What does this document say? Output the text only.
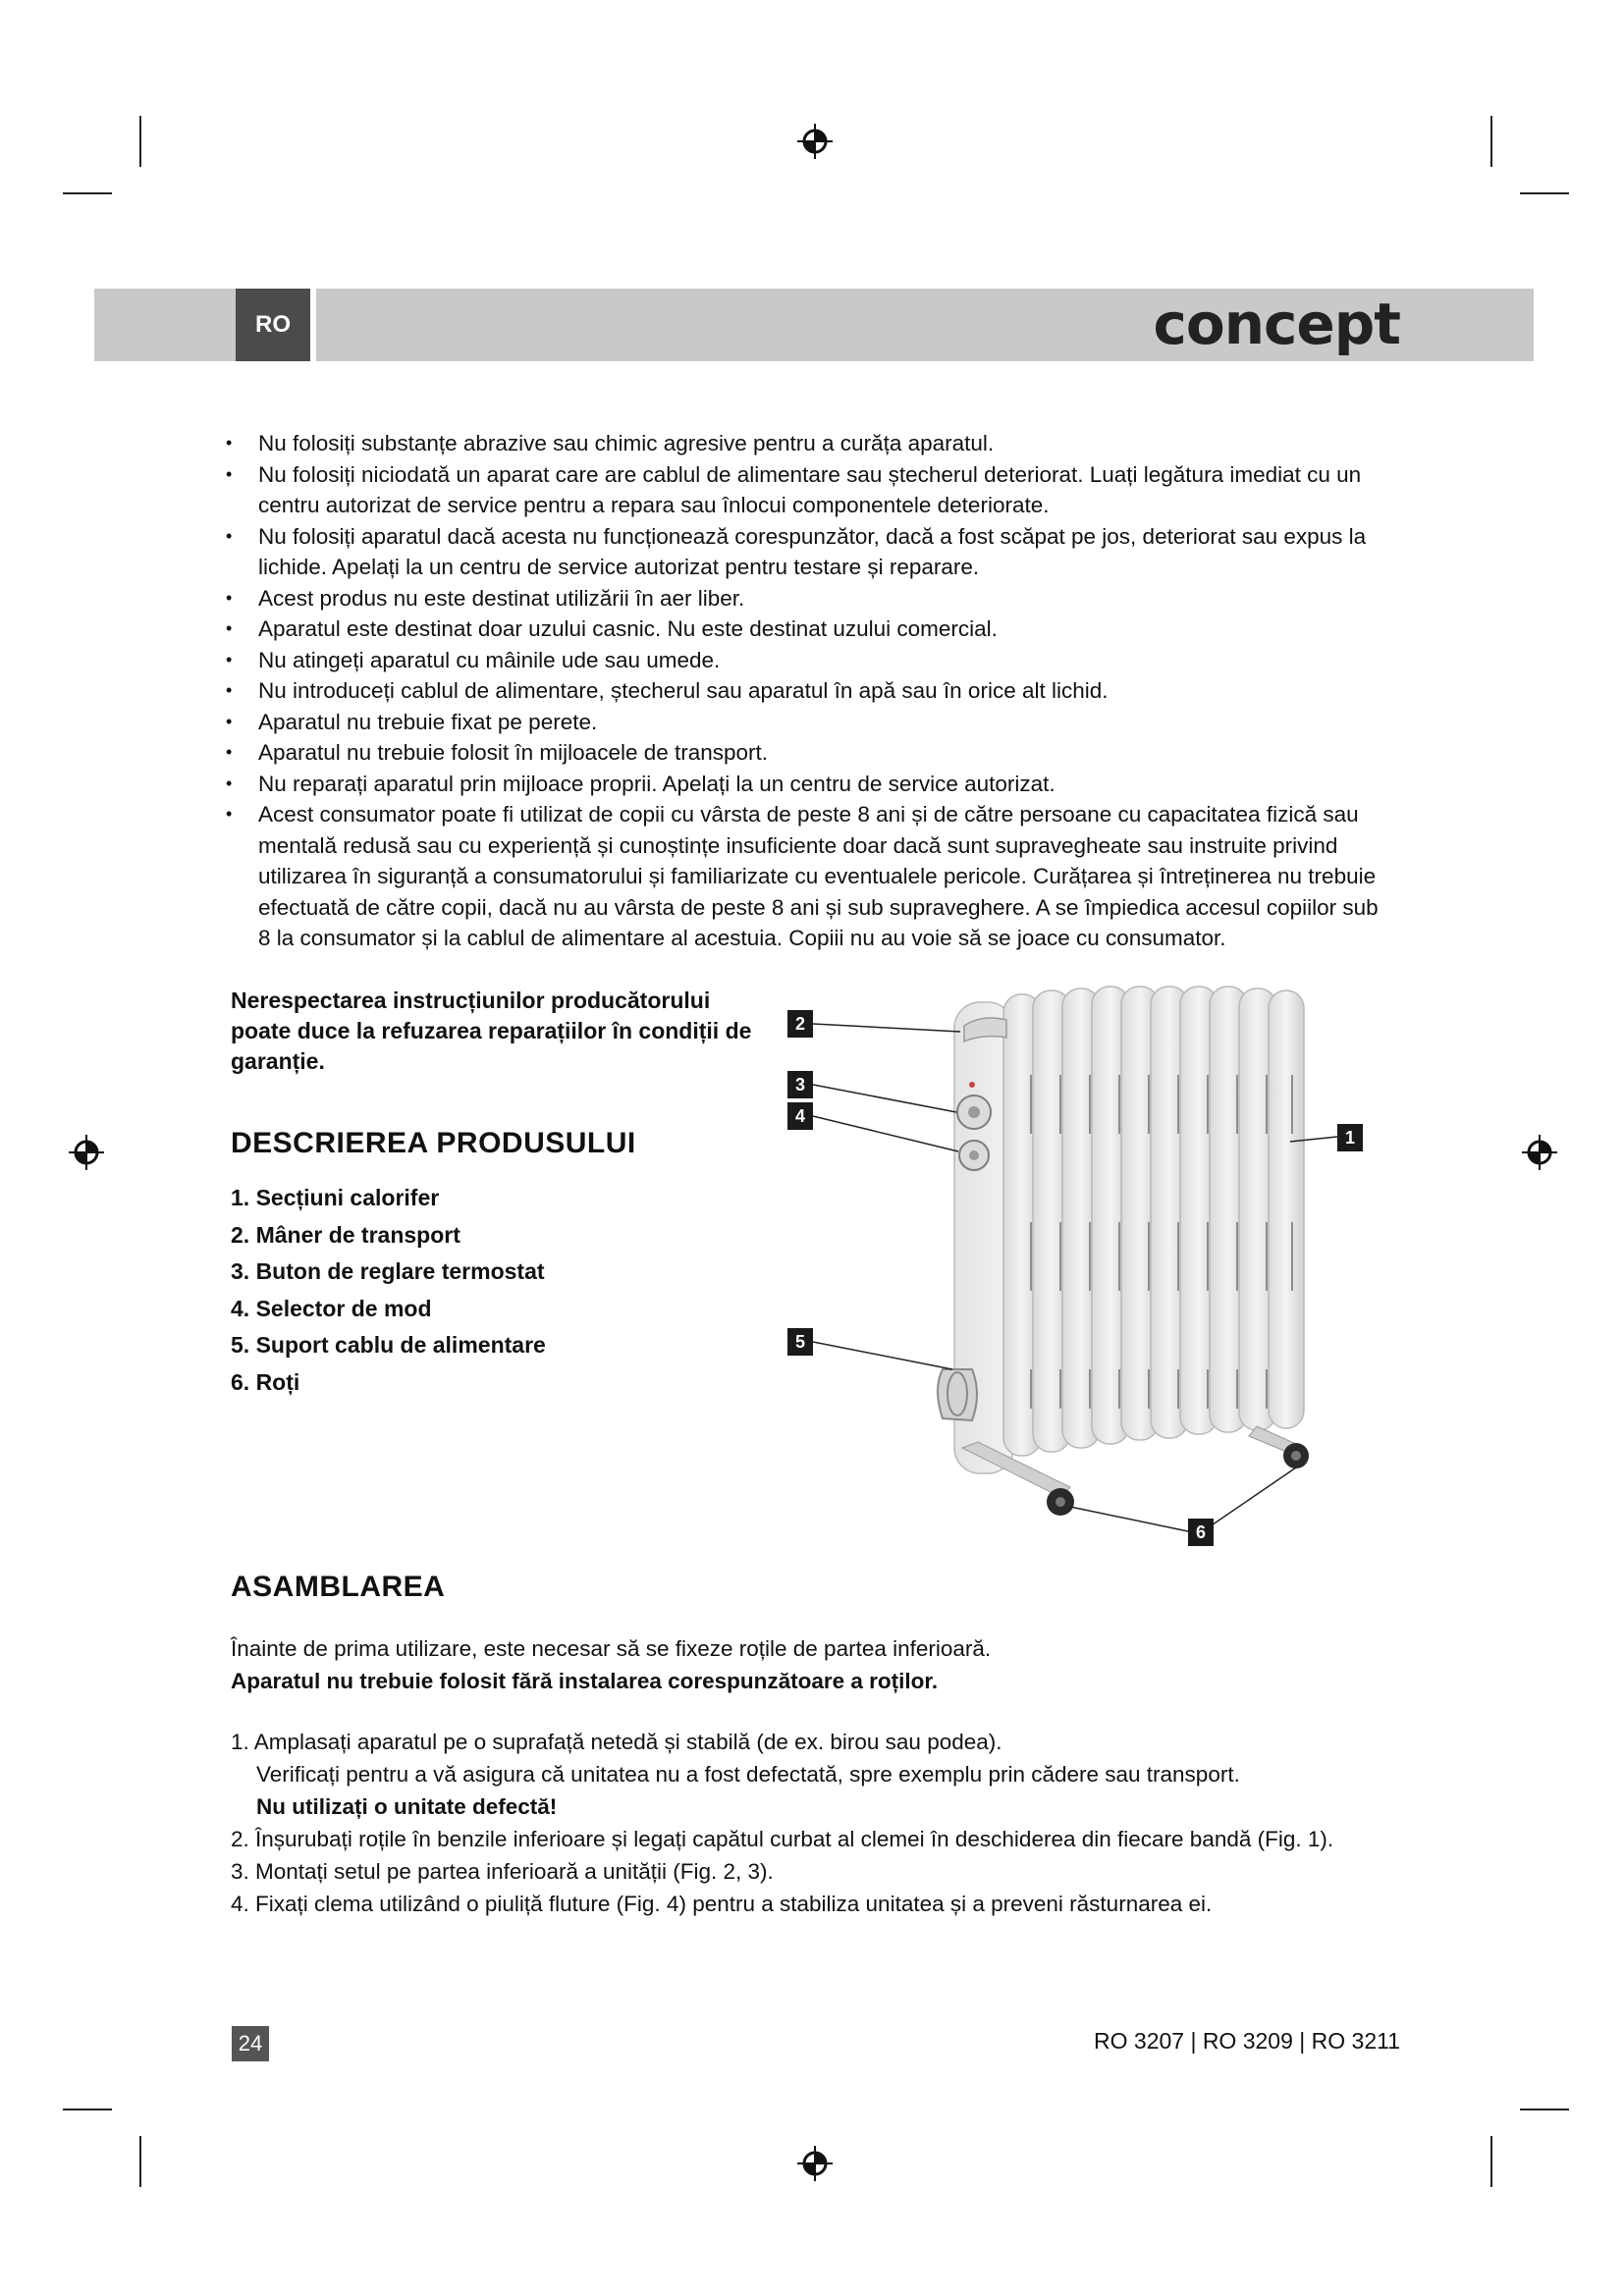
RO	concept
• Nu folosiți substanțe abrazive sau chimic agresive pentru a curăța aparatul.
• Nu folosiți niciodată un aparat care are cablul de alimentare sau ștecherul deteriorat. Luați legătura imediat cu un centru autorizat de service pentru a repara sau înlocui componentele deteriorate.
• Nu folosiți aparatul dacă acesta nu funcționează corespunzător, dacă a fost scăpat pe jos, deteriorat sau expus la lichide. Apelați la un centru de service autorizat pentru testare și reparare.
• Acest produs nu este destinat utilizării în aer liber.
• Aparatul este destinat doar uzului casnic. Nu este destinat uzului comercial.
• Nu atingeți aparatul cu mâinile ude sau umede.
• Nu introduceți cablul de alimentare, ștecherul sau aparatul în apă sau în orice alt lichid.
• Aparatul nu trebuie fixat pe perete.
• Aparatul nu trebuie folosit în mijloacele de transport.
• Nu reparați aparatul prin mijloace proprii. Apelați la un centru de service autorizat.
• Acest consumator poate fi utilizat de copii cu vârsta de peste 8 ani și de către persoane cu capacitatea fizică sau mentală redusă sau cu experiență și cunoștințe insuficiente doar dacă sunt supravegheate sau instruite privind utilizarea în siguranță a consumatorului și familiarizate cu eventualele pericole. Curățarea și întreținerea nu trebuie efectuată de către copii, dacă nu au vârsta de peste 8 ani și sub supraveghere. A se împiedica accesul copiilor sub 8 la consumator și la cablul de alimentare al acestuia. Copiii nu au voie să se joace cu consumator.
Nerespectarea instrucțiunilor producătorului poate duce la refuzarea reparațiilor în condiții de garanție.
DESCRIEREA PRODUSULUI
1. Secțiuni calorifer
2. Mâner de transport
3. Buton de reglare termostat
4. Selector de mod
5. Suport cablu de alimentare
6. Roți
2
3
4
1
5
6
ASAMBLAREA
Înainte de prima utilizare, este necesar să se fixeze roțile de partea inferioară.
Aparatul nu trebuie folosit fără instalarea corespunzătoare a roților.
1. Amplasați aparatul pe o suprafață netedă și stabilă (de ex. birou sau podea).
Verificați pentru a vă asigura că unitatea nu a fost defectată, spre exemplu prin cădere sau transport.
Nu utilizați o unitate defectă!
2. Înșurubați roțile în benzile inferioare și legați capătul curbat al clemei în deschiderea din fiecare bandă (Fig. 1).
3. Montați setul pe partea inferioară a unității (Fig. 2, 3).
4. Fixați clema utilizând o piuliță fluture (Fig. 4) pentru a stabiliza unitatea și a preveni răsturnarea ei.
24	RO 3207 | RO 3209 | RO 3211
